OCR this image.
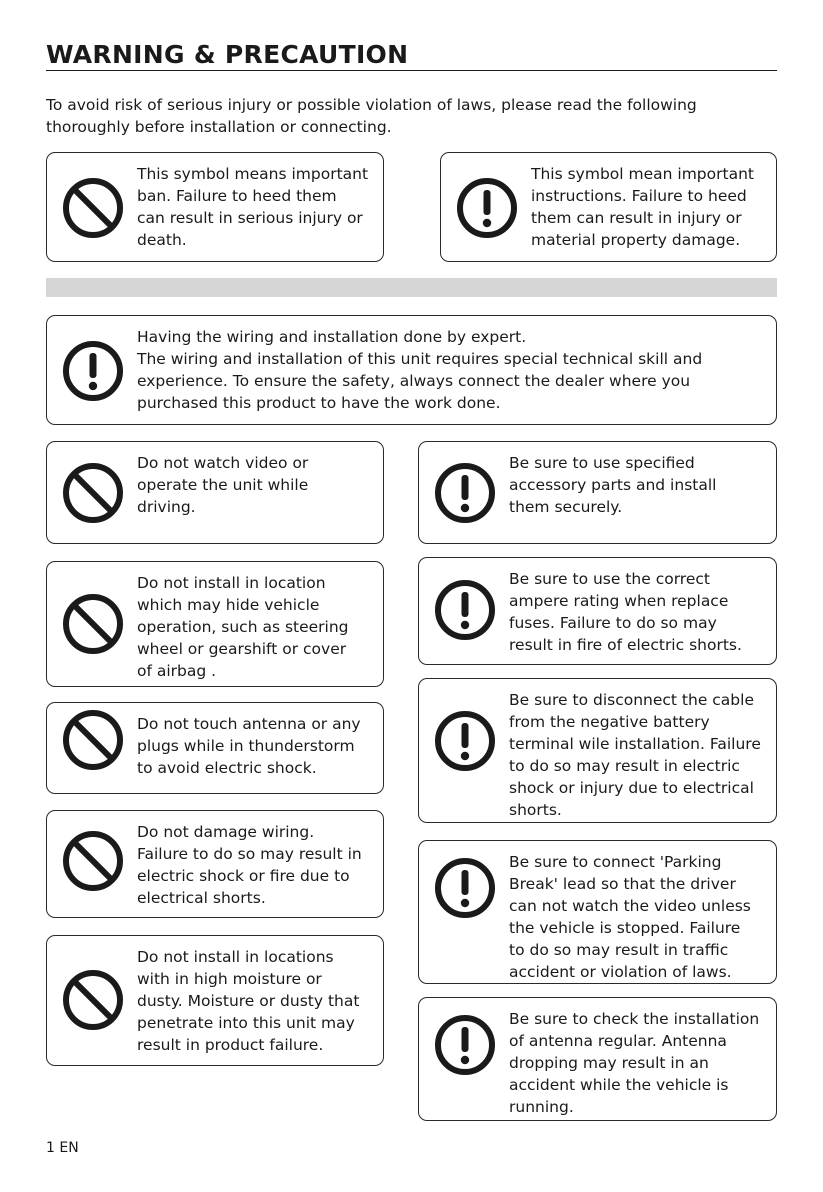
WARNING & PRECAUTION
To avoid risk of serious injury or possible violation of laws, please read the following thoroughly before installation or connecting.
This symbol means important
ban. Failure to heed them
can result in serious injury or
death.
This symbol mean important
instructions. Failure to heed
them can result in injury or
material property damage.
Having the wiring and installation done by expert.
The wiring and installation of this unit requires special technical skill and
experience. To ensure the safety, always connect the dealer where you
purchased this product to have the work done.
Do not watch video or
operate the unit while
driving.
Do not install in location
which may hide vehicle
operation, such as steering
wheel or gearshift or cover
of airbag .
Do not touch antenna or any
plugs while in thunderstorm
to avoid electric shock.
Do not damage wiring.
Failure to do so may result in
electric shock or fire due to
electrical shorts.
Do not install in locations
with in high moisture or
dusty. Moisture or dusty that
penetrate into this unit may
result in product failure.
Be sure to use specified
accessory parts and install
them securely.
Be sure to use the correct
ampere rating when replace
fuses. Failure to do so may
result in fire of electric shorts.
Be sure to disconnect the cable
from the negative battery
terminal wile installation. Failure
to do so may result in electric
shock or injury due to electrical
shorts.
Be sure to connect 'Parking
Break' lead so that the driver
can not watch the video unless
the vehicle is stopped. Failure
to do so may result in traffic
accident or violation of laws.
Be sure to check the installation
of antenna regular. Antenna
dropping may result in an
accident while the vehicle is
running.
1 EN
